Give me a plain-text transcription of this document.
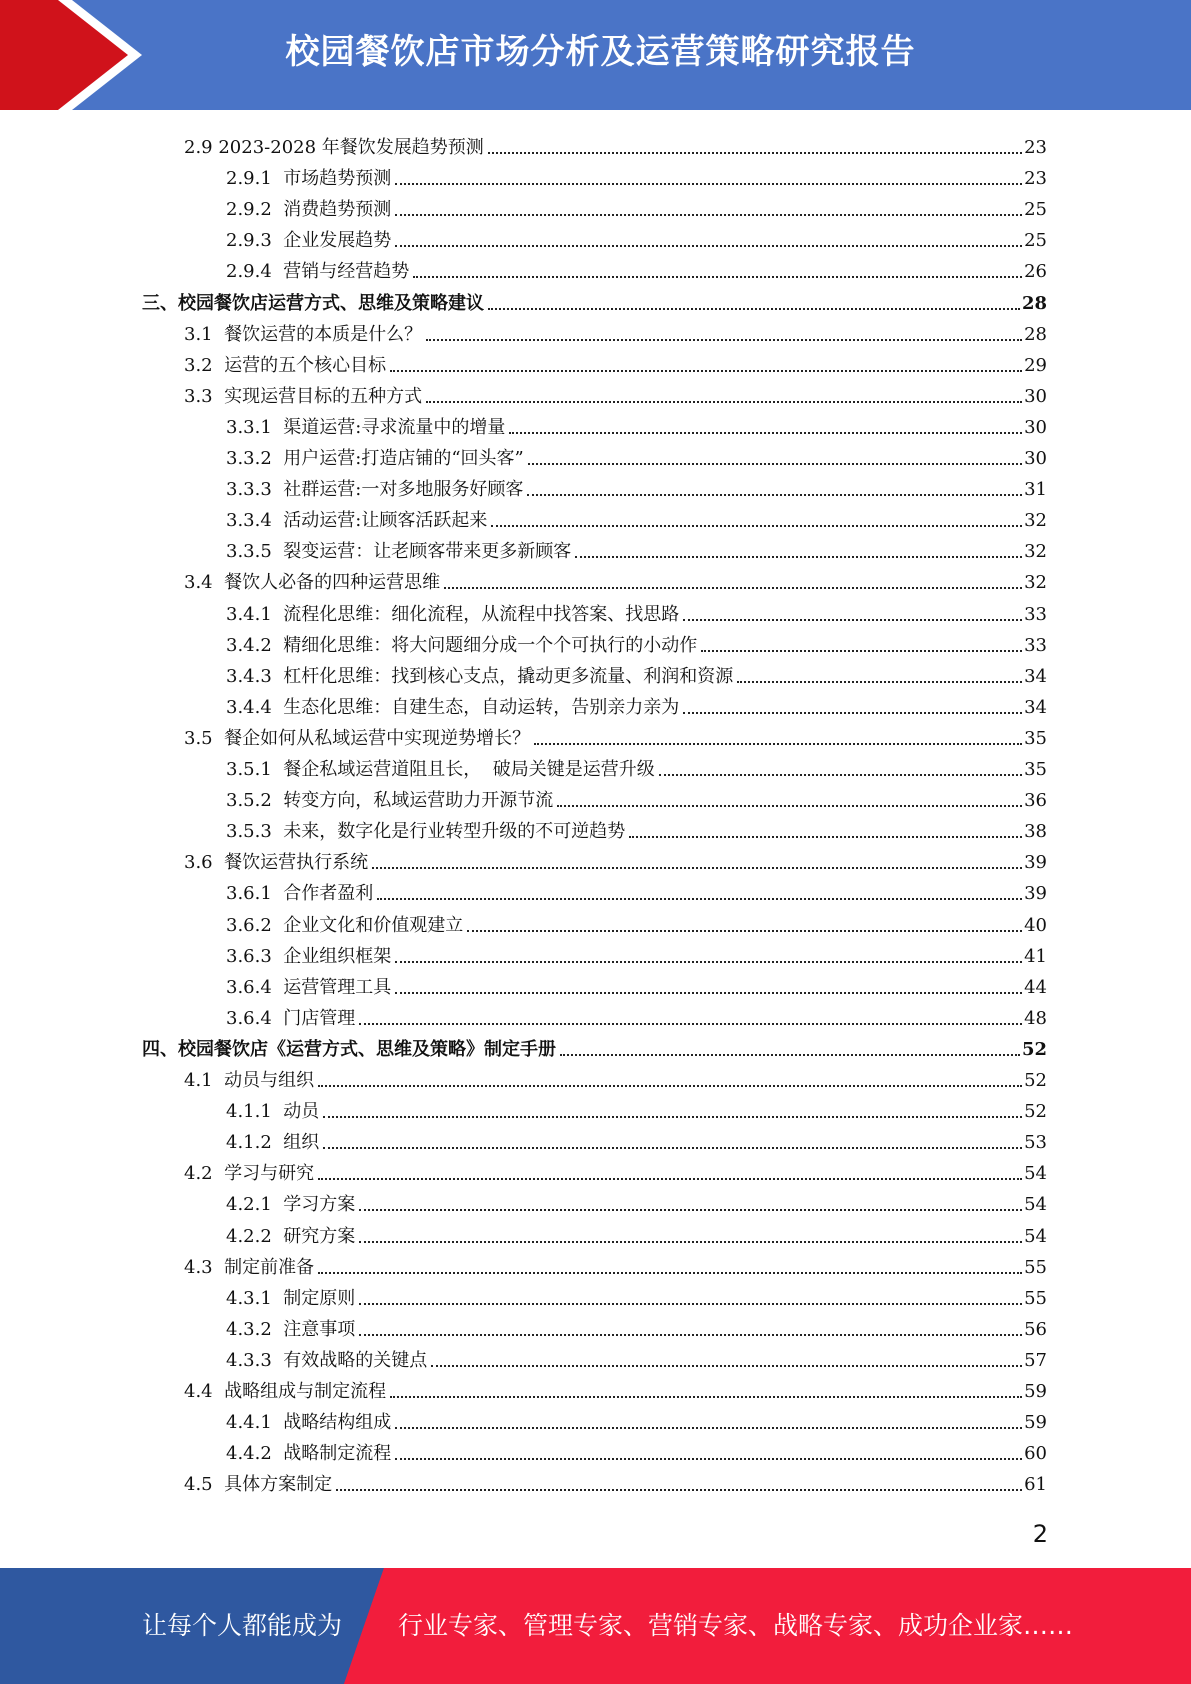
校园餐饮店市场分析及运营策略研究报告
2.9 2023-2028 年餐饮发展趋势预测	23
2.9.1 市场趋势预测	23
2.9.2 消费趋势预测	25
2.9.3 企业发展趋势	25
2.9.4 营销与经营趋势	26
三、校园餐饮店运营方式、思维及策略建议	28
3.1 餐饮运营的本质是什么？	28
3.2 运营的五个核心目标	29
3.3 实现运营目标的五种方式	30
3.3.1 渠道运营:寻求流量中的增量	30
3.3.2 用户运营:打造店铺的“回头客”	30
3.3.3 社群运营:一对多地服务好顾客	31
3.3.4 活动运营:让顾客活跃起来	32
3.3.5 裂变运营：让老顾客带来更多新顾客	32
3.4 餐饮人必备的四种运营思维	32
3.4.1 流程化思维：细化流程，从流程中找答案、找思路	33
3.4.2 精细化思维：将大问题细分成一个个可执行的小动作	33
3.4.3 杠杆化思维：找到核心支点，撬动更多流量、利润和资源	34
3.4.4 生态化思维：自建生态，自动运转，告别亲力亲为	34
3.5 餐企如何从私域运营中实现逆势增长？	35
3.5.1 餐企私域运营道阻且长，  破局关键是运营升级	35
3.5.2 转变方向，私域运营助力开源节流	36
3.5.3 未来，数字化是行业转型升级的不可逆趋势	38
3.6 餐饮运营执行系统	39
3.6.1 合作者盈利	39
3.6.2 企业文化和价值观建立	40
3.6.3 企业组织框架	41
3.6.4 运营管理工具	44
3.6.4 门店管理	48
四、校园餐饮店《运营方式、思维及策略》制定手册	52
4.1 动员与组织	52
4.1.1 动员	52
4.1.2 组织	53
4.2 学习与研究	54
4.2.1 学习方案	54
4.2.2 研究方案	54
4.3 制定前准备	55
4.3.1 制定原则	55
4.3.2 注意事项	56
4.3.3 有效战略的关键点	57
4.4 战略组成与制定流程	59
4.4.1 战略结构组成	59
4.4.2 战略制定流程	60
4.5 具体方案制定	61
2
让每个人都能成为 行业专家、管理专家、营销专家、战略专家、成功企业家……
